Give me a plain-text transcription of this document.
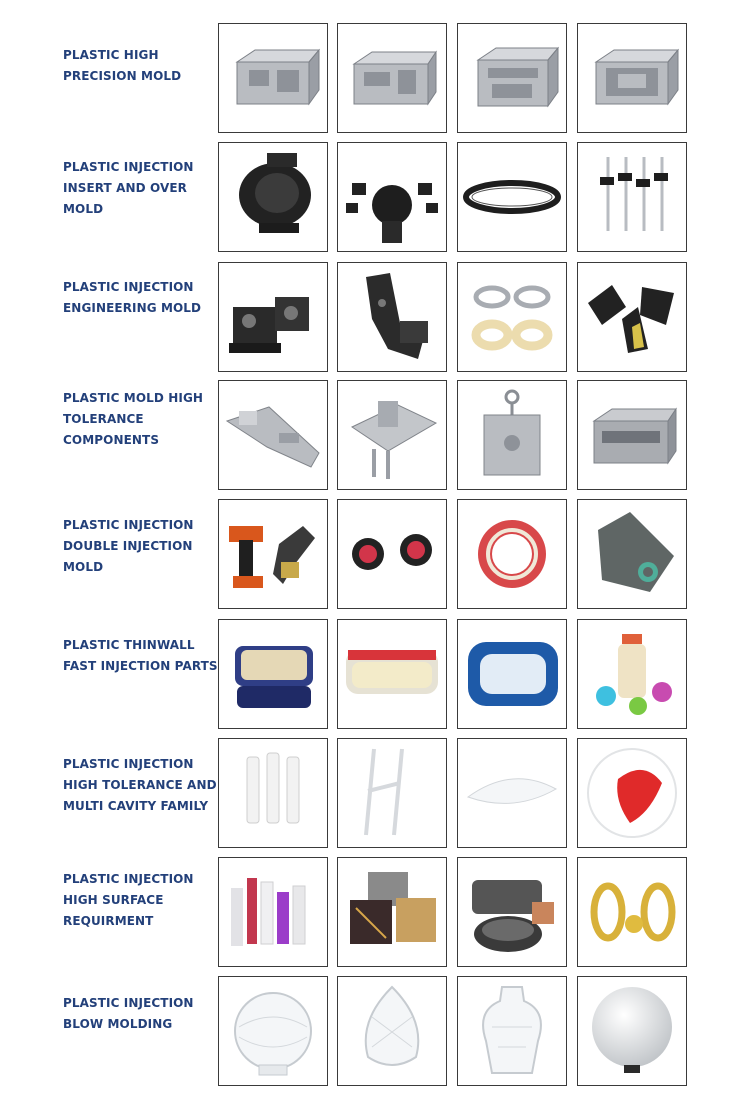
PLASTIC HIGH
PRECISION MOLD
PLASTIC INJECTION
INSERT AND OVER
MOLD
PLASTIC INJECTION
ENGINEERING MOLD
PLASTIC MOLD HIGH
TOLERANCE
COMPONENTS
PLASTIC INJECTION
DOUBLE INJECTION
MOLD
PLASTIC THINWALL
FAST INJECTION PARTS
PLASTIC INJECTION
HIGH TOLERANCE AND
MULTI CAVITY FAMILY
PLASTIC INJECTION
HIGH SURFACE
REQUIRMENT
PLASTIC INJECTION
BLOW MOLDING
